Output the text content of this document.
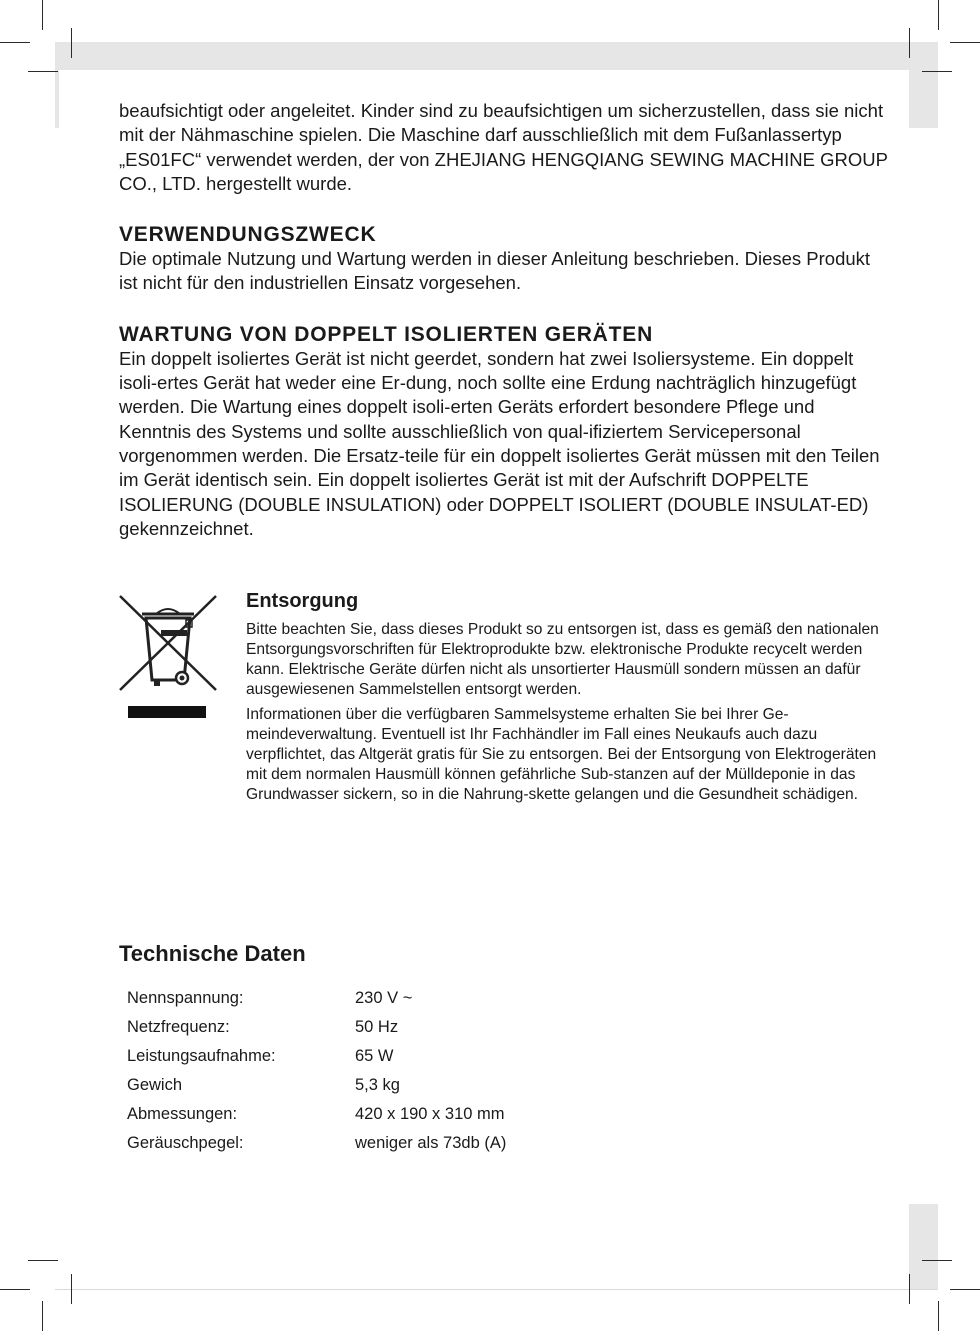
beaufsichtigt oder angeleitet. Kinder sind zu beaufsichtigen um sicherzustellen, dass sie nicht mit der Nähmaschine spielen. Die Maschine darf ausschließlich mit dem Fußanlassertyp „ES01FC“ verwendet werden, der von ZHEJIANG HENGQIANG SEWING MACHINE GROUP CO., LTD. hergestellt wurde.

VERWENDUNGSZWECK

Die optimale Nutzung und Wartung werden in dieser Anleitung beschrieben. Dieses Produkt ist nicht für den industriellen Einsatz vorgesehen.

WARTUNG VON DOPPELT ISOLIERTEN GERÄTEN

Ein doppelt isoliertes Gerät ist nicht geerdet, sondern hat zwei Isoliersysteme. Ein doppelt isoli-ertes Gerät hat weder eine Er-dung, noch sollte eine Erdung nachträglich hinzugefügt werden. Die Wartung eines doppelt isoli-erten Geräts erfordert besondere Pflege und Kenntnis des Systems und sollte ausschließlich von qual-ifiziertem Servicepersonal vorgenommen werden. Die Ersatz-teile für ein doppelt isoliertes Gerät müssen mit den Teilen im Gerät identisch sein. Ein doppelt isoliertes Gerät ist mit der Aufschrift DOPPELTE ISOLIERUNG (DOUBLE INSULATION) oder DOPPELT ISOLIERT (DOUBLE INSULAT-ED) gekennzeichnet.

Entsorgung

Bitte beachten Sie, dass dieses Produkt so zu entsorgen ist, dass es gemäß den nationalen Entsorgungsvorschriften für Elektroprodukte bzw. elektronische Produkte recycelt werden kann. Elektrische Geräte dürfen nicht als unsortierter Hausmüll sondern müssen an dafür ausgewiesenen Sammelstellen entsorgt werden.

Informationen über die verfügbaren Sammelsysteme erhalten Sie bei Ihrer Ge-meindeverwaltung. Eventuell ist Ihr Fachhändler im Fall eines Neukaufs auch dazu verpflichtet, das Altgerät gratis für Sie zu entsorgen. Bei der Entsorgung von Elektrogeräten mit dem normalen Hausmüll können gefährliche Sub-stanzen auf der Mülldeponie in das Grundwasser sickern, so in die Nahrung-skette gelangen und die Gesundheit schädigen.

Technische Daten
Nennspannung:	230 V ~
Netzfrequenz:	50 Hz
Leistungsaufnahme:	65 W
Gewich	5,3 kg
Abmessungen:	420 x 190 x 310 mm
Geräuschpegel:	weniger als 73db (A)
